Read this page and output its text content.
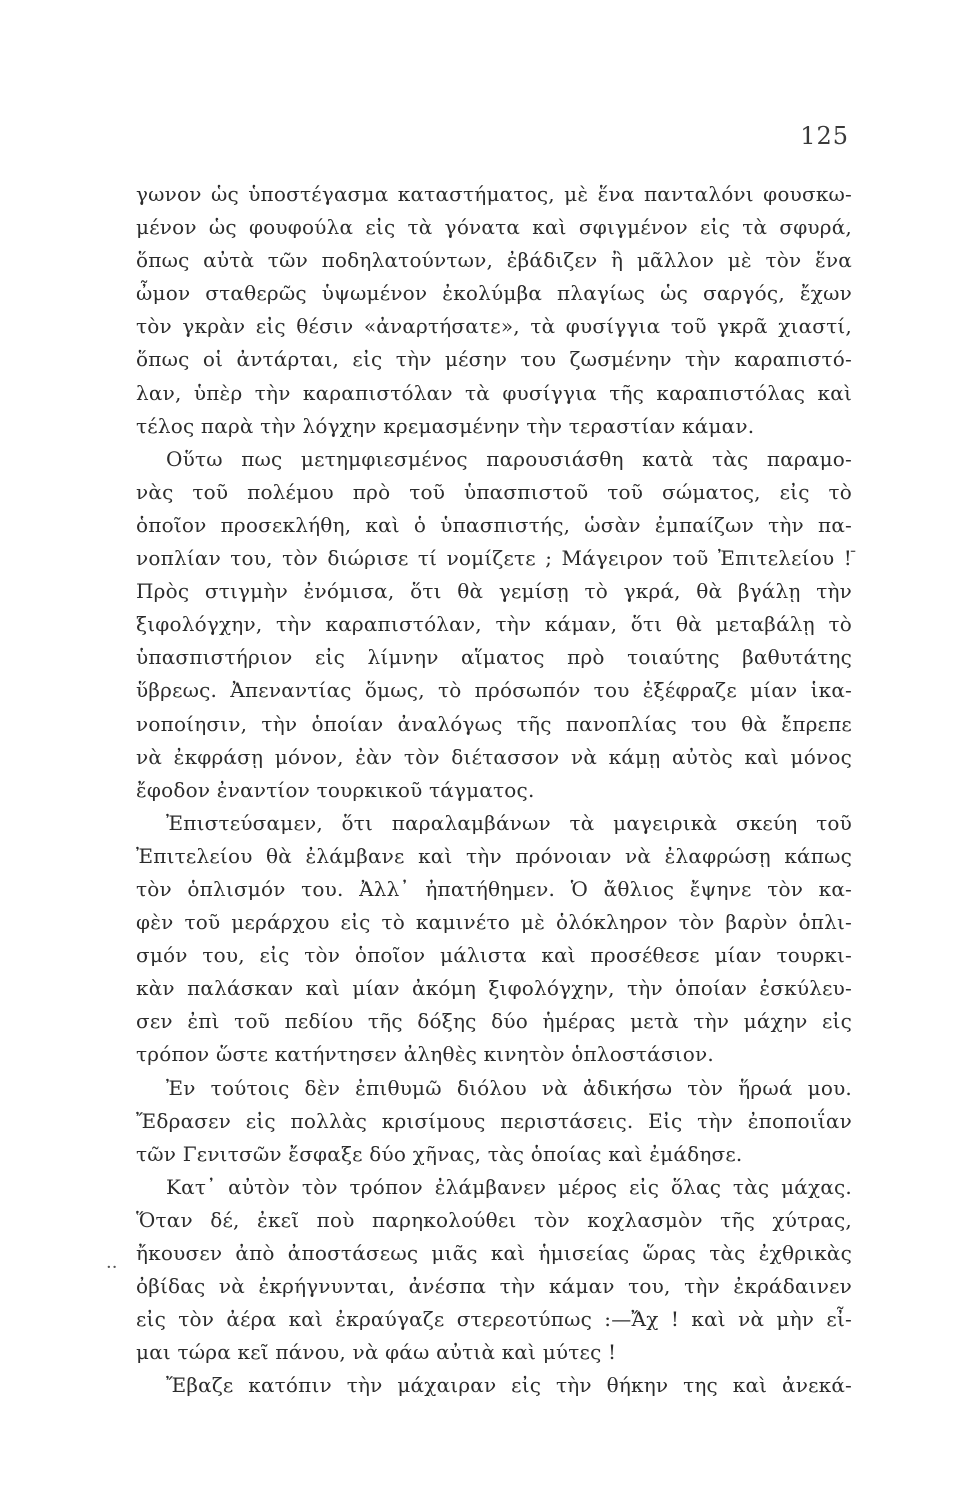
125
γωνον ὡς ὑποστέγασμα καταστήματος, μὲ ἕνα πανταλόνι φουσκω-
μένον ὡς φουφούλα εἰς τὰ γόνατα καὶ σφιγμένον εἰς τὰ σφυρά,
ὅπως αὐτὰ τῶν ποδηλατούντων, ἐβάδιζεν ἢ μᾶλλον μὲ τὸν ἕνα
ὦμον σταθερῶς ὑψωμένον ἐκολύμβα πλαγίως ὡς σαργός, ἔχων
τὸν γκρὰν εἰς θέσιν «ἀναρτήσατε», τὰ φυσίγγια τοῦ γκρᾶ χιαστί,
ὅπως οἱ ἀντάρται, εἰς τὴν μέσην του ζωσμένην τὴν καραπιστό-
λαν, ὑπὲρ τὴν καραπιστόλαν τὰ φυσίγγια τῆς καραπιστόλας καὶ
τέλος παρὰ τὴν λόγχην κρεμασμένην τὴν τεραστίαν κάμαν.
Οὕτω πως μετημφιεσμένος παρουσιάσθη κατὰ τὰς παραμο-
νὰς τοῦ πολέμου πρὸ τοῦ ὑπασπιστοῦ τοῦ σώματος, εἰς τὸ
ὁποῖον προσεκλήθη, καὶ ὁ ὑπασπιστής, ὡσὰν ἐμπαίζων τὴν πα-
νοπλίαν του, τὸν διώρισε τί νομίζετε ; Μάγειρον τοῦ Ἐπιτελείου !
Πρὸς στιγμὴν ἐνόμισα, ὅτι θὰ γεμίσῃ τὸ γκρά, θὰ βγάλῃ τὴν
ξιφολόγχην, τὴν καραπιστόλαν, τὴν κάμαν, ὅτι θὰ μεταβάλῃ τὸ
ὑπασπιστήριον εἰς λίμνην αἵματος πρὸ τοιαύτης βαθυτάτης
ὕβρεως. Ἀπεναντίας ὅμως, τὸ πρόσωπόν του ἐξέφραζε μίαν ἱκα-
νοποίησιν, τὴν ὁποίαν ἀναλόγως τῆς πανοπλίας του θὰ ἔπρεπε
νὰ ἐκφράσῃ μόνον, ἐὰν τὸν διέτασσον νὰ κάμῃ αὐτὸς καὶ μόνος
ἔφοδον ἐναντίον τουρκικοῦ τάγματος.
Ἐπιστεύσαμεν, ὅτι παραλαμβάνων τὰ μαγειρικὰ σκεύη τοῦ
Ἐπιτελείου θὰ ἐλάμβανε καὶ τὴν πρόνοιαν νὰ ἐλαφρώσῃ κάπως
τὸν ὁπλισμόν του. Ἀλλ᾽ ἠπατήθημεν. Ὁ ἄθλιος ἔψηνε τὸν κα-
φὲν τοῦ μεράρχου εἰς τὸ καμινέτο μὲ ὁλόκληρον τὸν βαρὺν ὁπλι-
σμόν του, εἰς τὸν ὁποῖον μάλιστα καὶ προσέθεσε μίαν τουρκι-
κὰν παλάσκαν καὶ μίαν ἀκόμη ξιφολόγχην, τὴν ὁποίαν ἐσκύλευ-
σεν ἐπὶ τοῦ πεδίου τῆς δόξης δύο ἡμέρας μετὰ τὴν μάχην εἰς
τρόπον ὥστε κατήντησεν ἀληθὲς κινητὸν ὁπλοστάσιον.
Ἐν τούτοις δὲν ἐπιθυμῶ διόλου νὰ ἀδικήσω τὸν ἥρωά μου.
Ἔδρασεν εἰς πολλὰς κρισίμους περιστάσεις. Εἰς τὴν ἐποποιΐαν
τῶν Γενιτσῶν ἔσφαξε δύο χῆνας, τὰς ὁποίας καὶ ἐμάδησε.
Κατ᾽ αὐτὸν τὸν τρόπον ἐλάμβανεν μέρος εἰς ὅλας τὰς μάχας.
Ὅταν δέ, ἐκεῖ ποὺ παρηκολούθει τὸν κοχλασμὸν τῆς χύτρας,
ἤκουσεν ἀπὸ ἀποστάσεως μιᾶς καὶ ἡμισείας ὥρας τὰς ἐχθρικὰς
ὀβίδας νὰ ἐκρήγνυνται, ἀνέσπα τὴν κάμαν του, τὴν ἐκράδαινεν
εἰς τὸν ἀέρα καὶ ἐκραύγαζε στερεοτύπως :—Ἄχ ! καὶ νὰ μὴν εἶ-
μαι τώρα κεῖ πάνου, νὰ φάω αὐτιὰ καὶ μύτες !
Ἔβαζε κατόπιν τὴν μάχαιραν εἰς τὴν θήκην της καὶ ἀνεκά-
-
··
